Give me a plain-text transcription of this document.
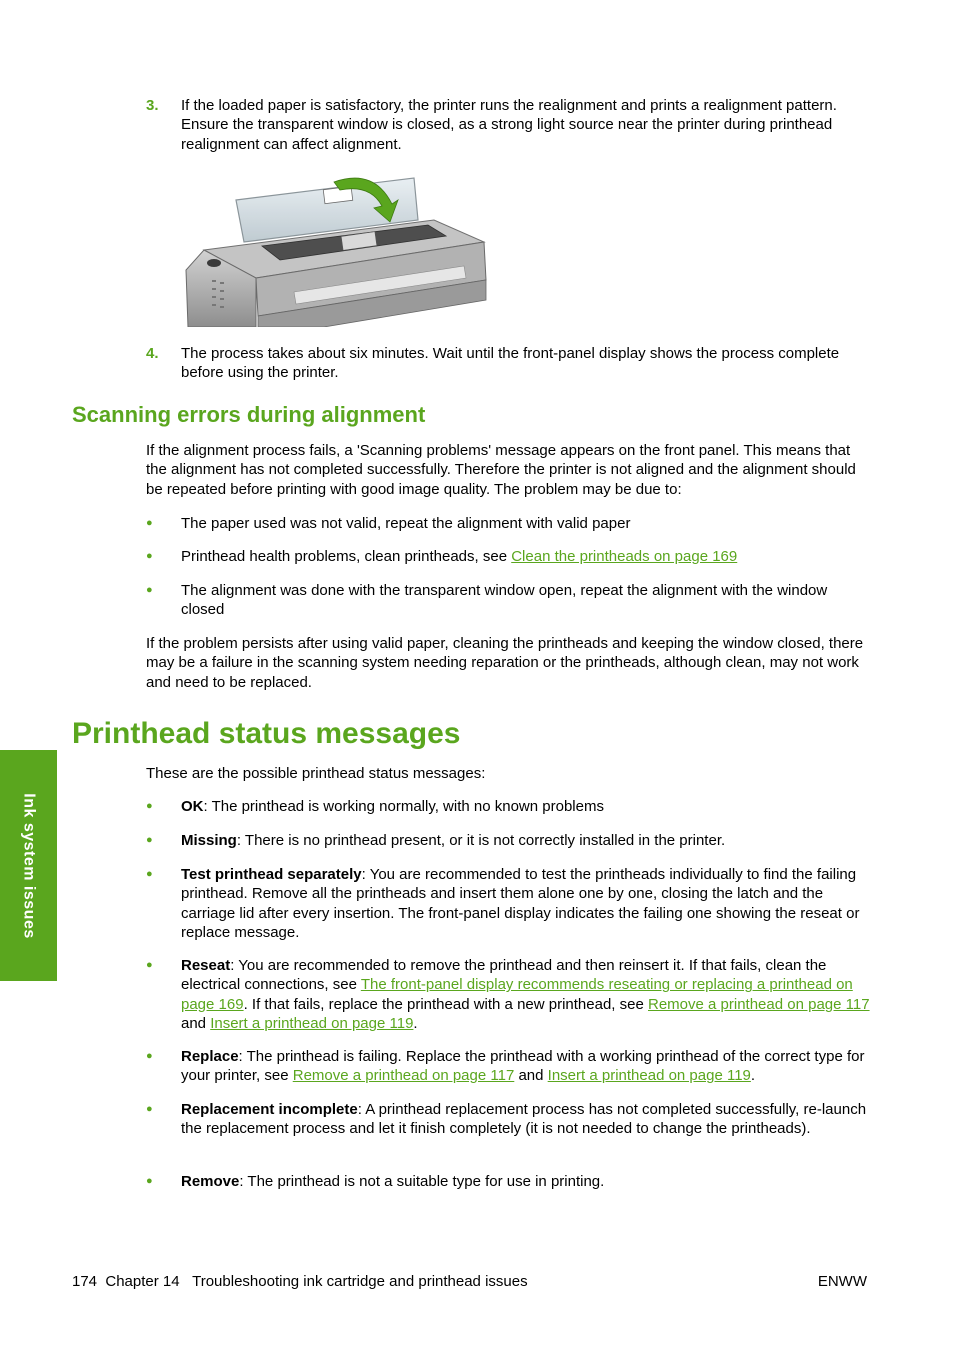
3. If the loaded paper is satisfactory, the printer runs the realignment and prints a realignment pattern. Ensure the transparent window is closed, as a strong light source near the printer during printhead realignment can affect alignment.
4. The process takes about six minutes. Wait until the front-panel display shows the process complete before using the printer.
Scanning errors during alignment
If the alignment process fails, a 'Scanning problems' message appears on the front panel. This means that the alignment has not completed successfully. Therefore the printer is not aligned and the alignment should be repeated before printing with good image quality. The problem may be due to:
● The paper used was not valid, repeat the alignment with valid paper
● Printhead health problems, clean printheads, see Clean the printheads on page 169
● The alignment was done with the transparent window open, repeat the alignment with the window closed
If the problem persists after using valid paper, cleaning the printheads and keeping the window closed, there may be a failure in the scanning system needing reparation or the printheads, although clean, may not work and need to be replaced.
Printhead status messages
These are the possible printhead status messages:
● OK: The printhead is working normally, with no known problems
● Missing: There is no printhead present, or it is not correctly installed in the printer.
● Test printhead separately: You are recommended to test the printheads individually to find the failing printhead. Remove all the printheads and insert them alone one by one, closing the latch and the carriage lid after every insertion. The front-panel display indicates the failing one showing the reseat or replace message.
● Reseat: You are recommended to remove the printhead and then reinsert it. If that fails, clean the electrical connections, see The front-panel display recommends reseating or replacing a printhead on page 169. If that fails, replace the printhead with a new printhead, see Remove a printhead on page 117 and Insert a printhead on page 119.
● Replace: The printhead is failing. Replace the printhead with a working printhead of the correct type for your printer, see Remove a printhead on page 117 and Insert a printhead on page 119.
● Replacement incomplete: A printhead replacement process has not completed successfully, re-launch the replacement process and let it finish completely (it is not needed to change the printheads).
● Remove: The printhead is not a suitable type for use in printing.
Ink system issues
174 Chapter 14 Troubleshooting ink cartridge and printhead issues	ENWW
